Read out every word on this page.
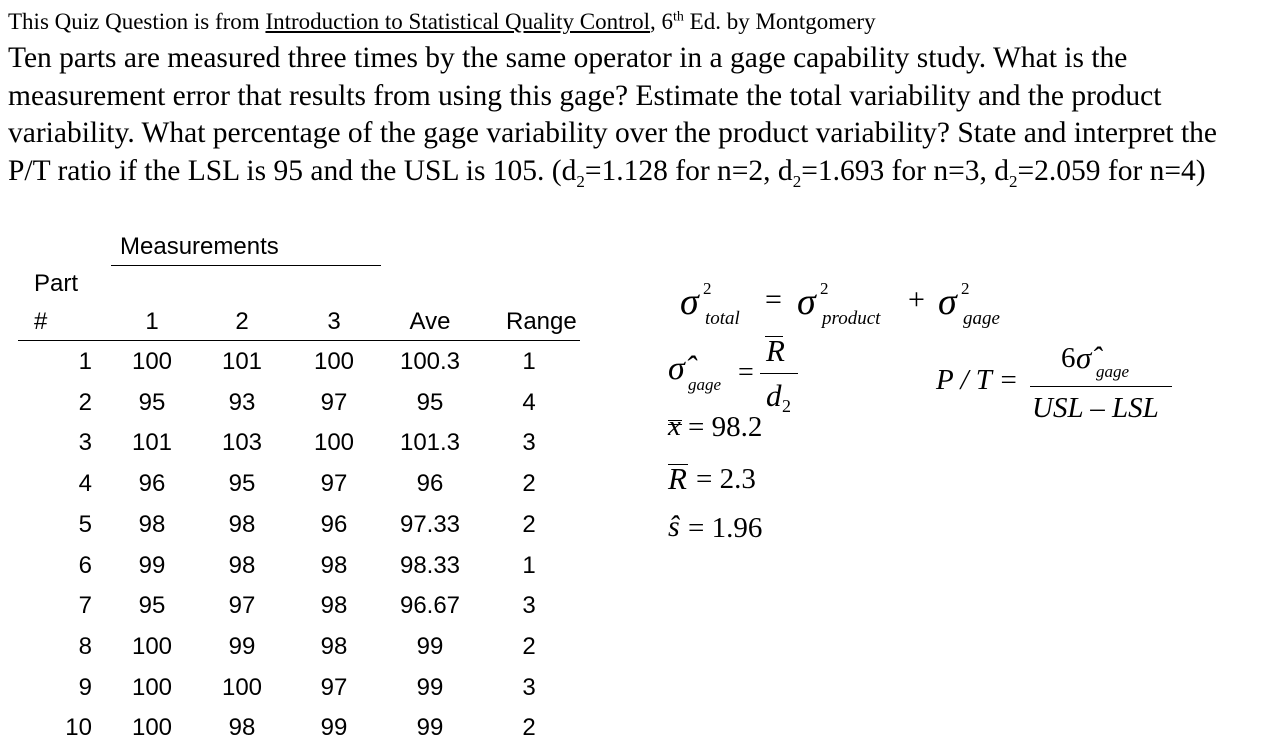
This Quiz Question is from Introduction to Statistical Quality Control, 6th Ed. by Montgomery
Ten parts are measured three times by the same operator in a gage capability study. What is the measurement error that results from using this gage? Estimate the total variability and the product variability. What percentage of the gage variability over the product variability? State and interpret the P/T ratio if the LSL is 95 and the USL is 105. ($d_2=1.128$ for n=2, $d_2=1.693$ for n=3, $d_2=2.059$ for n=4)
Measurements
Part
#	1	2	3	Ave	Range
1	100	101	100	100.3	1
2	95	93	97	95	4
3	101	103	100	101.3	3
4	96	95	97	96	2
5	98	98	96	97.33	2
6	99	98	98	98.33	1
7	95	97	98	96.67	3
8	100	99	98	99	2
9	100	100	97	99	3
10	100	98	99	99	2
σ 2
total
= σ 2
product
+ σ 2
gage
σ̂ gage =
R
d 2
x = 98.2
R = 2.3
ŝ = 1.96
P / T =
6 σ̂ gage
USL – LSL
